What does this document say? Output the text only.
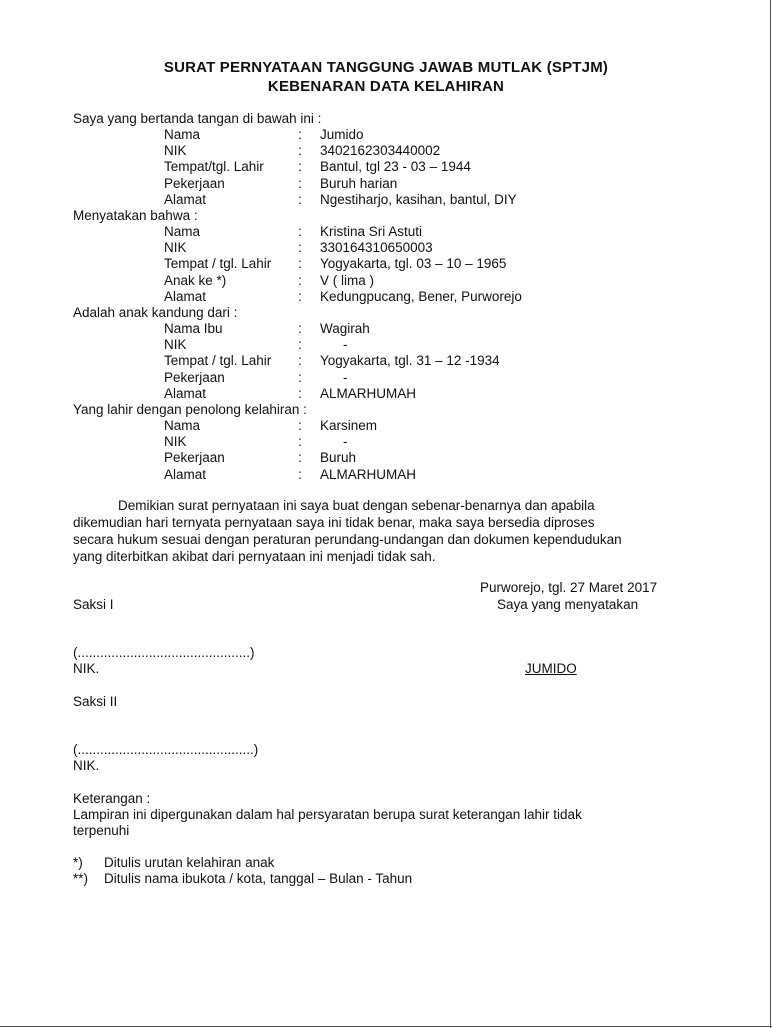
SURAT PERNYATAAN TANGGUNG JAWAB MUTLAK (SPTJM)
KEBENARAN DATA KELAHIRAN
Saya yang bertanda tangan di bawah ini :
Nama	: Jumido
NIK	: 3402162303440002
Tempat/tgl. Lahir	: Bantul, tgl 23 - 03 – 1944
Pekerjaan	: Buruh harian
Alamat	: Ngestiharjo, kasihan, bantul, DIY
Menyatakan bahwa :
Nama	: Kristina Sri Astuti
NIK	: 330164310650003
Tempat / tgl. Lahir : Yogyakarta, tgl. 03 – 10 – 1965
Anak ke *)	: V ( lima )
Alamat	: Kedungpucang, Bener, Purworejo
Adalah anak kandung dari :
Nama Ibu	: Wagirah
NIK	:	-
Tempat / tgl. Lahir : Yogyakarta, tgl. 31 – 12 -1934
Pekerjaan	:	-
Alamat	: ALMARHUMAH
Yang lahir dengan penolong kelahiran :
Nama	: Karsinem
NIK	:	-
Pekerjaan	: Buruh
Alamat	: ALMARHUMAH
Demikian surat pernyataan ini saya buat dengan sebenar-benarnya dan apabila
dikemudian hari ternyata pernyataan saya ini tidak benar, maka saya bersedia diproses
secara hukum sesuai dengan peraturan perundang-undangan dan dokumen kependudukan
yang diterbitkan akibat dari pernyataan ini menjadi tidak sah.
Purworejo, tgl. 27 Maret 2017
Saksi I	Saya yang menyatakan
(..............................................)
NIK.	JUMIDO
Saksi II
(...............................................)
NIK.
Keterangan :
Lampiran ini dipergunakan dalam hal persyaratan berupa surat keterangan lahir tidak
terpenuhi
*) Ditulis urutan kelahiran anak
**) Ditulis nama ibukota / kota, tanggal – Bulan - Tahun
